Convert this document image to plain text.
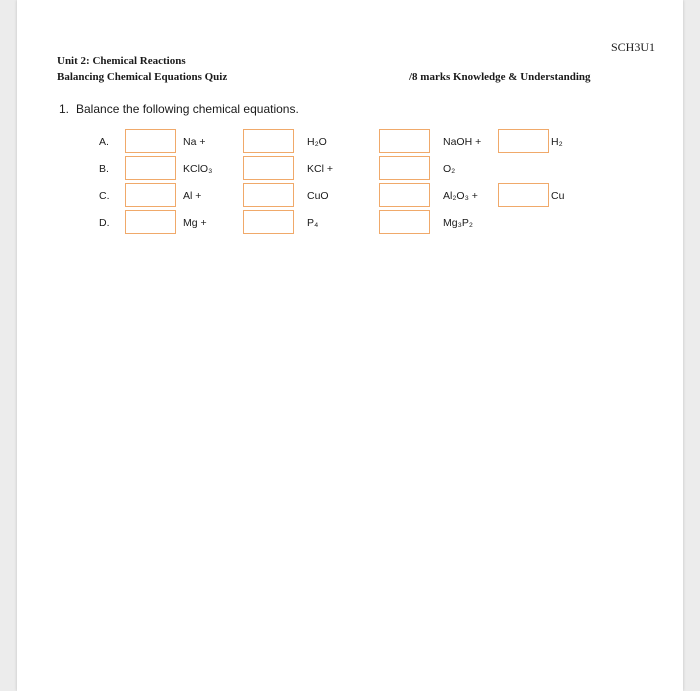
SCH3U1
Unit 2: Chemical Reactions
Balancing Chemical Equations Quiz	/8 marks Knowledge & Understanding
1. Balance the following chemical equations.
A.	Na +	H₂O	NaOH +	H₂
B.	KClO₃	KCl +	O₂
C.	Al +	CuO	Al₂O₃ +	Cu
D.	Mg +	P₄	Mg₃P₂
